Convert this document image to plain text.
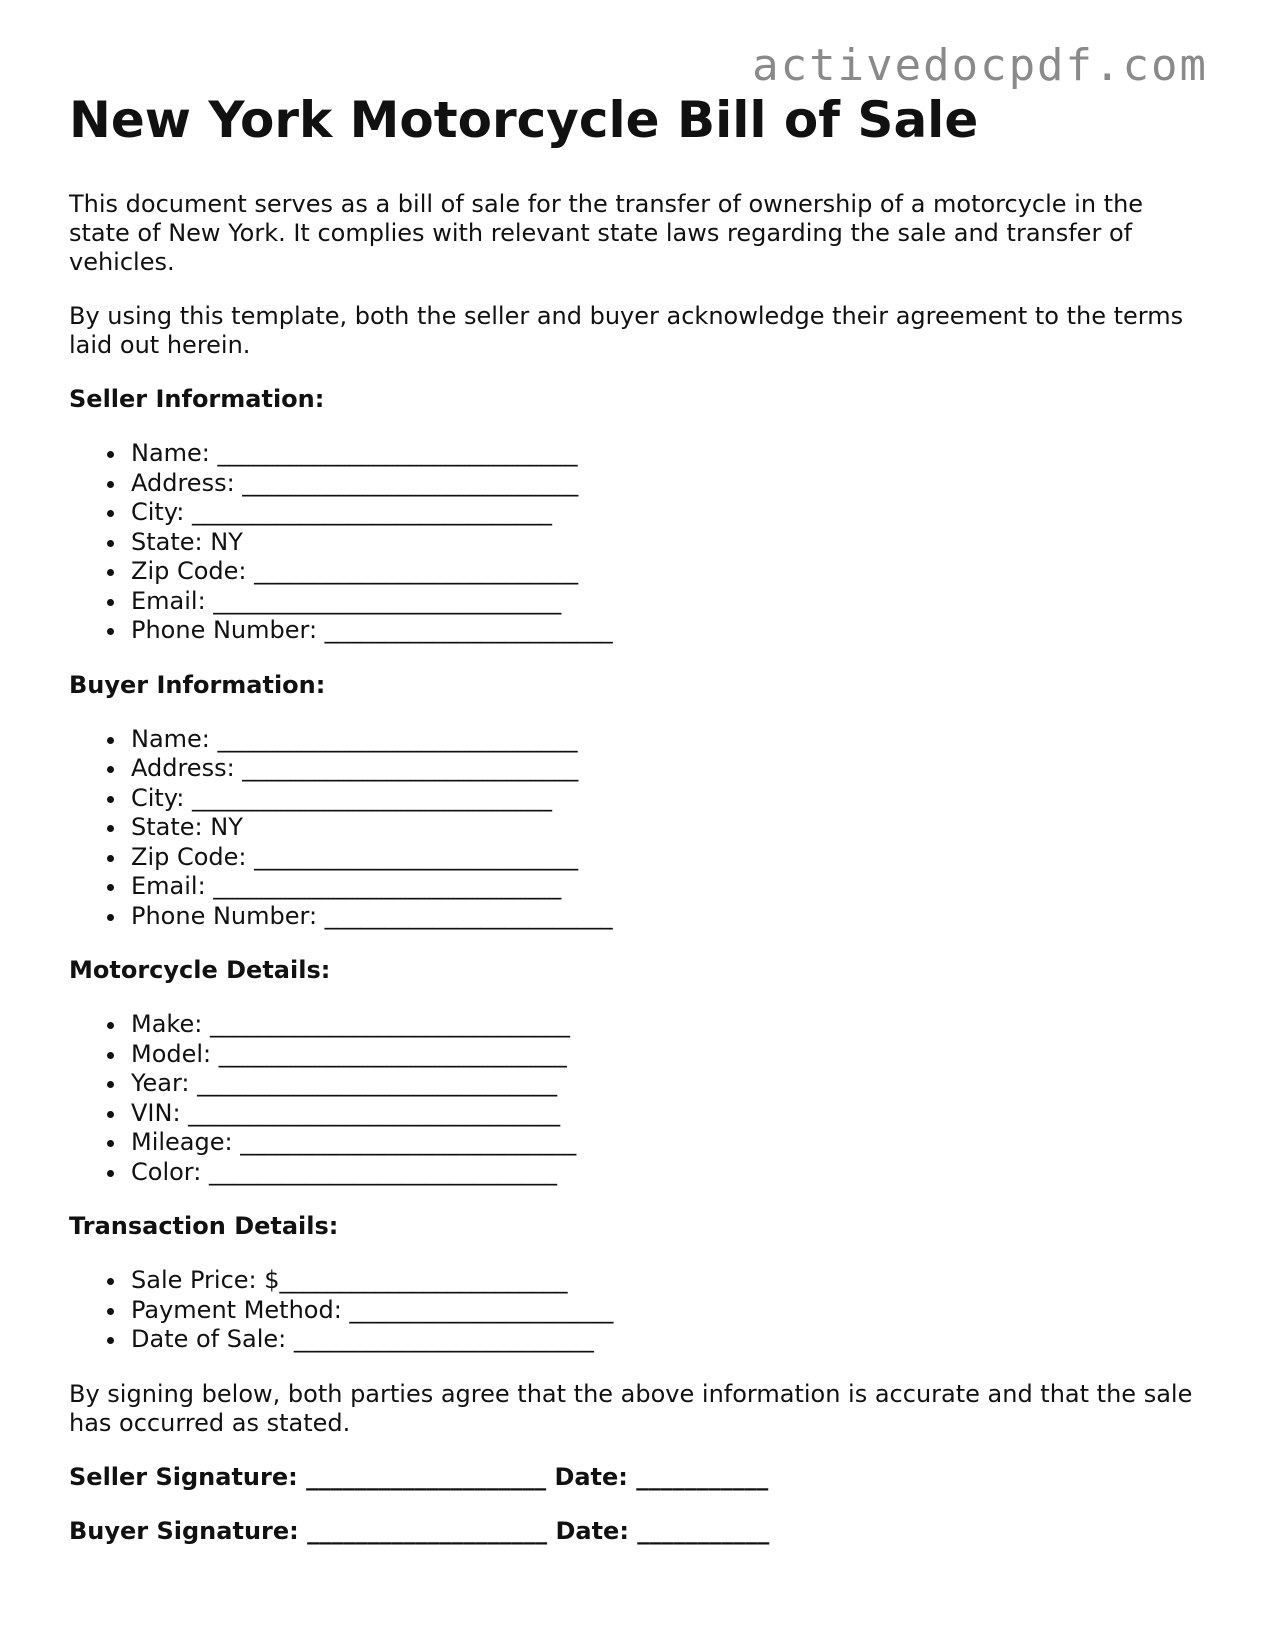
activedocpdf.com
New York Motorcycle Bill of Sale

This document serves as a bill of sale for the transfer of ownership of a motorcycle in the state of New York. It complies with relevant state laws regarding the sale and transfer of vehicles.

By using this template, both the seller and buyer acknowledge their agreement to the terms laid out herein.

Seller Information:
Name: ______________________________
Address: ____________________________
City: ______________________________
State: NY
Zip Code: ___________________________
Email: _____________________________
Phone Number: ________________________
Buyer Information:
Name: ______________________________
Address: ____________________________
City: ______________________________
State: NY
Zip Code: ___________________________
Email: _____________________________
Phone Number: ________________________
Motorcycle Details:
Make: ______________________________
Model: _____________________________
Year: ______________________________
VIN: _______________________________
Mileage: ____________________________
Color: _____________________________
Transaction Details:
Sale Price: $________________________
Payment Method: ______________________
Date of Sale: _________________________

By signing below, both parties agree that the above information is accurate and that the sale has occurred as stated.

Seller Signature: ____________________ Date: ___________
Buyer Signature: ____________________ Date: ___________
